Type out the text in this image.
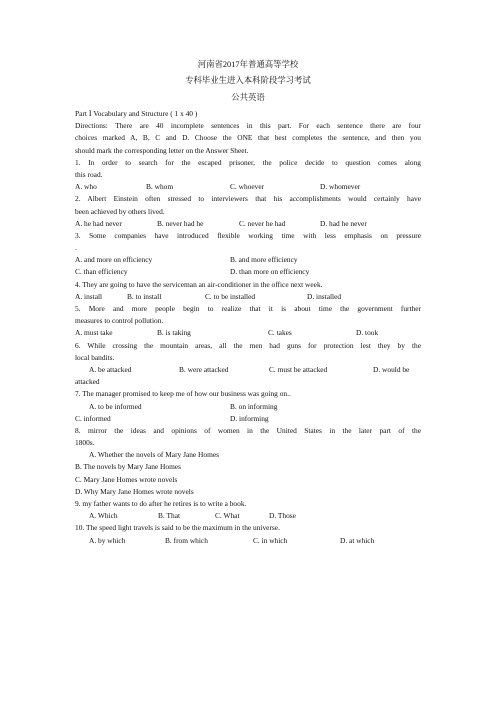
河南省2017年普通高等学校
专科毕业生进入本科阶段学习考试
公共英语
Part Ⅰ Vocabulary and Structure ( 1 x 40 )
Directions: There are 40 incomplete sentences in this part. For each sentence there are four
choices marked A, B, C and D. Choose the ONE that best completes the sentence, and then you
should mark the corresponding letter on the Answer Sheet.
1. In order to search for the escaped prisoner, the police decide to question comes along
this road.
A. who	B. whom	C. whoever	D. whomever
2. Albert Einstein often stressed to interviewers that his accomplishments would certainly have
been achieved by others lived.
A. he had never	B. never had he	C. never he had	D. had he never
3. Some companies have introduced flexible working time with less emphasis on pressure
.
A. and more on efficiency	B. and more efficiency
C. than efficiency	D. than more on efficiency
4. They are going to have the serviceman an air-conditioner in the office next week.
A. install	B. to install	C. to be installed	D. installed
5. More and more people begin to realize that it is about time the government further
measures to control pollution.
A. must take	B. is taking	C. takes	D. took
6. While crossing the mountain areas, all the men had guns for protection lest they by the
local bandits.
A. be attacked	B. were attacked	C. must be attacked	D. would be
attacked
7. The manager promised to keep me of how our business was going on..
A. to be informed	B. on informing
C. informed	D. informing
8. mirror the ideas and opinions of women in the United States in the later part of the
1800s.
A. Whether the novels of Mary Jane Homes
B. The novels by Mary Jane Homes
C. Mary Jane Homes wrote novels
D. Why Mary Jane Homes wrote novels
9. my father wants to do after he retires is to write a book.
A. Which	B. That	C. What	D. Those
10. The speed light travels is said to be the maximum in the universe.
A. by which	B. from which	C. in which	D. at which
